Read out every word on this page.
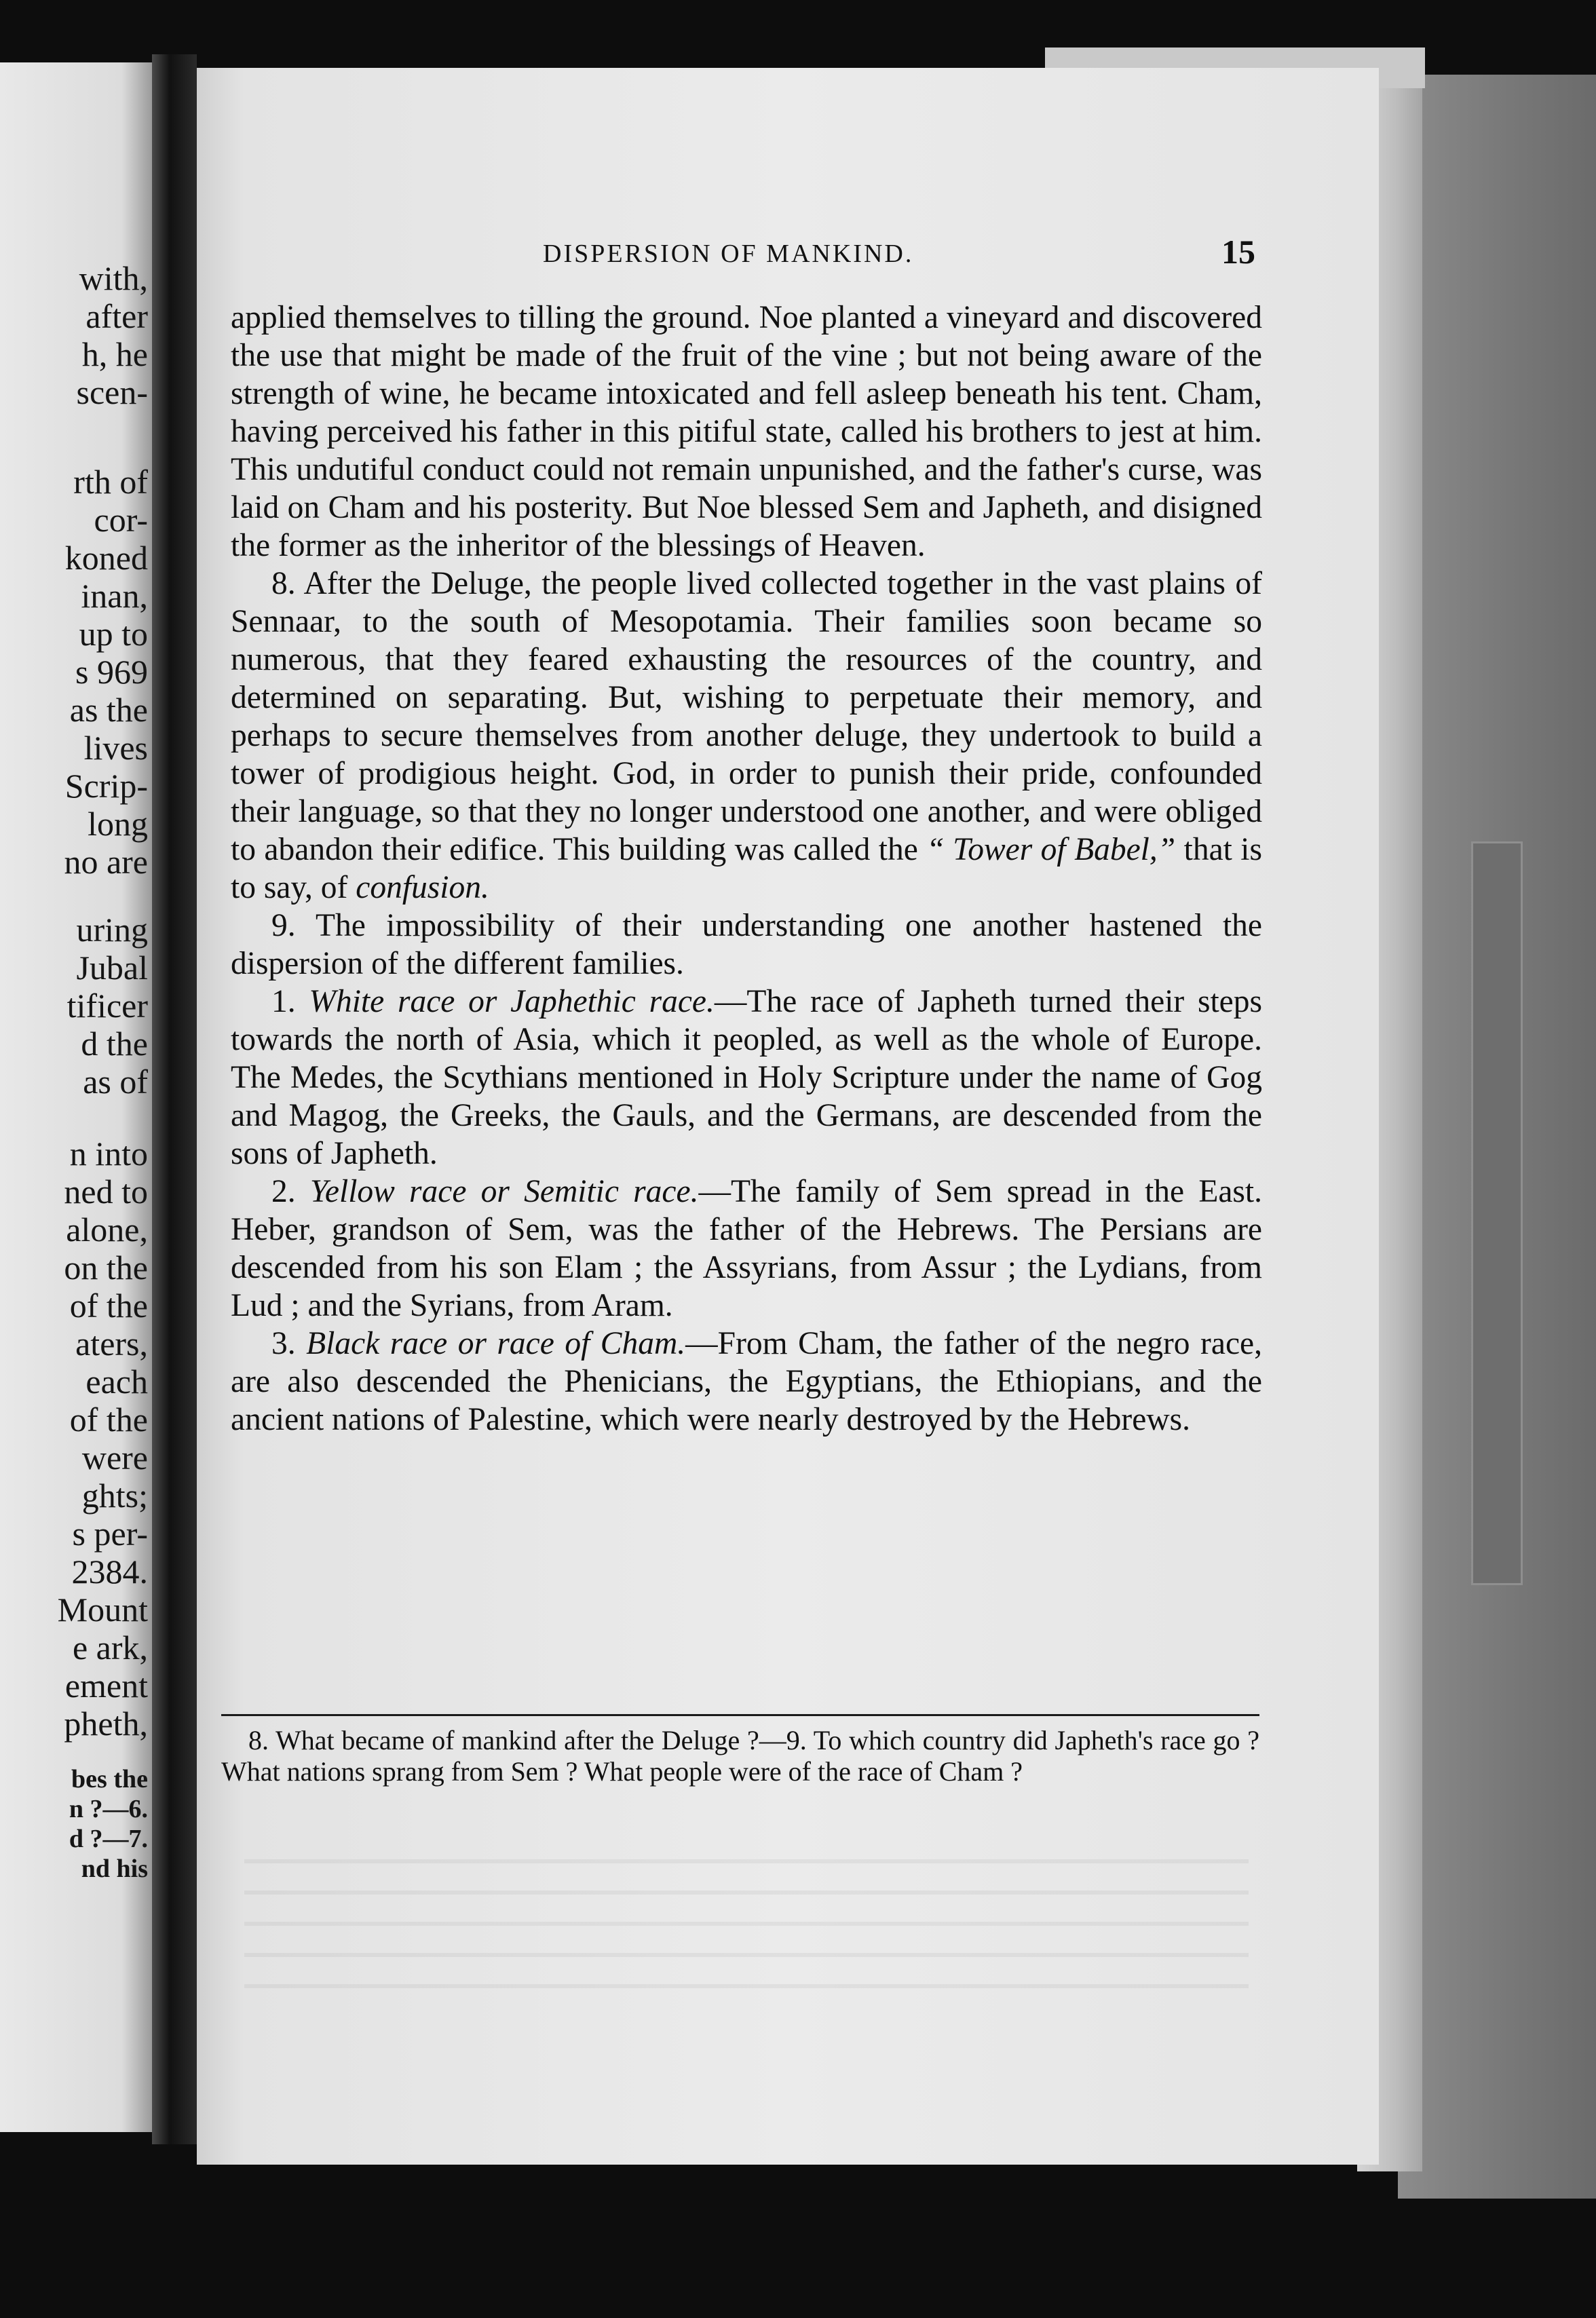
with,
after
h, he
scen-
rth of
cor-
koned
inan,
up to
s 969
as the
lives
Scrip-
long
no are
uring
Jubal
tificer
d the
as of
n into
ned to
alone,
on the
of the
aters,
each
of the
were
ghts;
s per-
2384.
Mount
e ark,
ement
pheth,
bes the
n ?—6.
d ?—7.
nd his
DISPERSION OF MANKIND.	15

applied themselves to tilling the ground. Noe planted a vineyard and discovered the use that might be made of the fruit of the vine ; but not being aware of the strength of wine, he became intoxicated and fell asleep beneath his tent. Cham, having perceived his father in this pitiful state, called his brothers to jest at him. This undutiful conduct could not remain unpunished, and the father's curse, was laid on Cham and his posterity. But Noe blessed Sem and Japheth, and disigned the former as the inheritor of the blessings of Heaven.

8. After the Deluge, the people lived collected together in the vast plains of Sennaar, to the south of Mesopotamia. Their families soon became so numerous, that they feared exhausting the resources of the country, and determined on separating. But, wishing to perpetuate their memory, and perhaps to secure themselves from another deluge, they undertook to build a tower of prodigious height. God, in order to punish their pride, confounded their language, so that they no longer understood one another, and were obliged to abandon their edifice. This building was called the “ Tower of Babel,” that is to say, of confusion.

9. The impossibility of their understanding one another hastened the dispersion of the different families.

1. White race or Japhethic race.—The race of Japheth turned their steps towards the north of Asia, which it peopled, as well as the whole of Europe. The Medes, the Scythians mentioned in Holy Scripture under the name of Gog and Magog, the Greeks, the Gauls, and the Germans, are descended from the sons of Japheth.

2. Yellow race or Semitic race.—The family of Sem spread in the East. Heber, grandson of Sem, was the father of the Hebrews. The Persians are descended from his son Elam ; the Assyrians, from Assur ; the Lydians, from Lud ; and the Syrians, from Aram.

3. Black race or race of Cham.—From Cham, the father of the negro race, are also descended the Phenicians, the Egyptians, the Ethiopians, and the ancient nations of Palestine, which were nearly destroyed by the Hebrews.

8. What became of mankind after the Deluge ?—9. To which country did Japheth's race go ? What nations sprang from Sem ? What people were of the race of Cham ?
